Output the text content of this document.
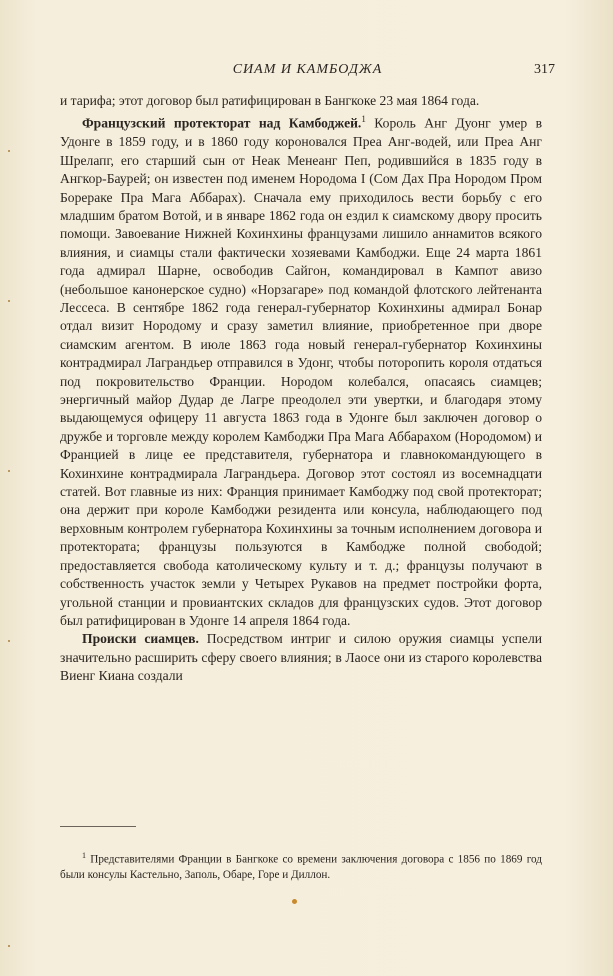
СИАМ И КАМБОДЖА	317

и тарифа; этот договор был ратифицирован в Бангкоке 23 мая 1864 года.

Французский протекторат над Камбоджей.$^1$ Король Анг Дуонг умер в Удонге в 1859 году, и в 1860 году короновался Преа Анг-водей, или Преа Анг Шрелапг, его старший сын от Неак Менеанг Пеп, родившийся в 1835 году в Ангкор-Баурей; он известен под именем Нородома I (Сом Дах Пра Нородом Пром Борераке Пра Мага Аббарах). Сначала ему приходилось вести борьбу с его младшим братом Вотой, и в январе 1862 года он ездил к сиамскому двору просить помощи. Завоевание Нижней Кохинхины французами лишило аннамитов всякого влияния, и сиамцы стали фактически хозяевами Камбоджи. Еще 24 марта 1861 года адмирал Шарне, освободив Сайгон, командировал в Кампот авизо (небольшое канонерское судно) «Норзагаре» под командой флотского лейтенанта Лесcеса. В сентябре 1862 года генерал-губернатор Кохинхины адмирал Бонар отдал визит Нородому и сразу заметил влияние, приобретенное при дворе сиамским агентом. В июле 1863 года новый генерал-губернатор Кохинхины контрадмирал Лаграндьер отправился в Удонг, чтобы поторопить короля отдаться под покровительство Франции. Нородом колебался, опасаясь сиамцев; энергичный майор Дудар де Лагре преодолел эти увертки, и благодаря этому выдающемуся офицеру 11 августа 1863 года в Удонге был заключен договор о дружбе и торговле между королем Камбоджи Пра Мага Аббарахом (Нородомом) и Францией в лице ее представителя, губернатора и главнокомандующего в Кохинхине контрадмирала Лаграндьера. Договор этот состоял из восемнадцати статей. Вот главные из них: Франция принимает Камбоджу под свой протекторат; она держит при короле Камбоджи резидента или консула, наблюдающего под верховным контролем губернатора Кохинхины за точным исполнением договора и протектората; французы пользуются в Камбодже полной свободой; предоставляется свобода католическому культу и т. д.; французы получают в собственность участок земли у Четырех Рукавов на предмет постройки форта, угольной станции и провиантских складов для французских судов. Этот договор был ратифицирован в Удонге 14 апреля 1864 года.

Происки сиамцев. Посредством интриг и силою оружия сиамцы успели значительно расширить сферу своего влияния; в Лаосе они из старого королевства Виенг Киана создали

$^1$ Представителями Франции в Бангкоке со времени заключения договора с 1856 по 1869 год были консулы Кастельно, Заполь, Обаре, Горе и Диллон.
